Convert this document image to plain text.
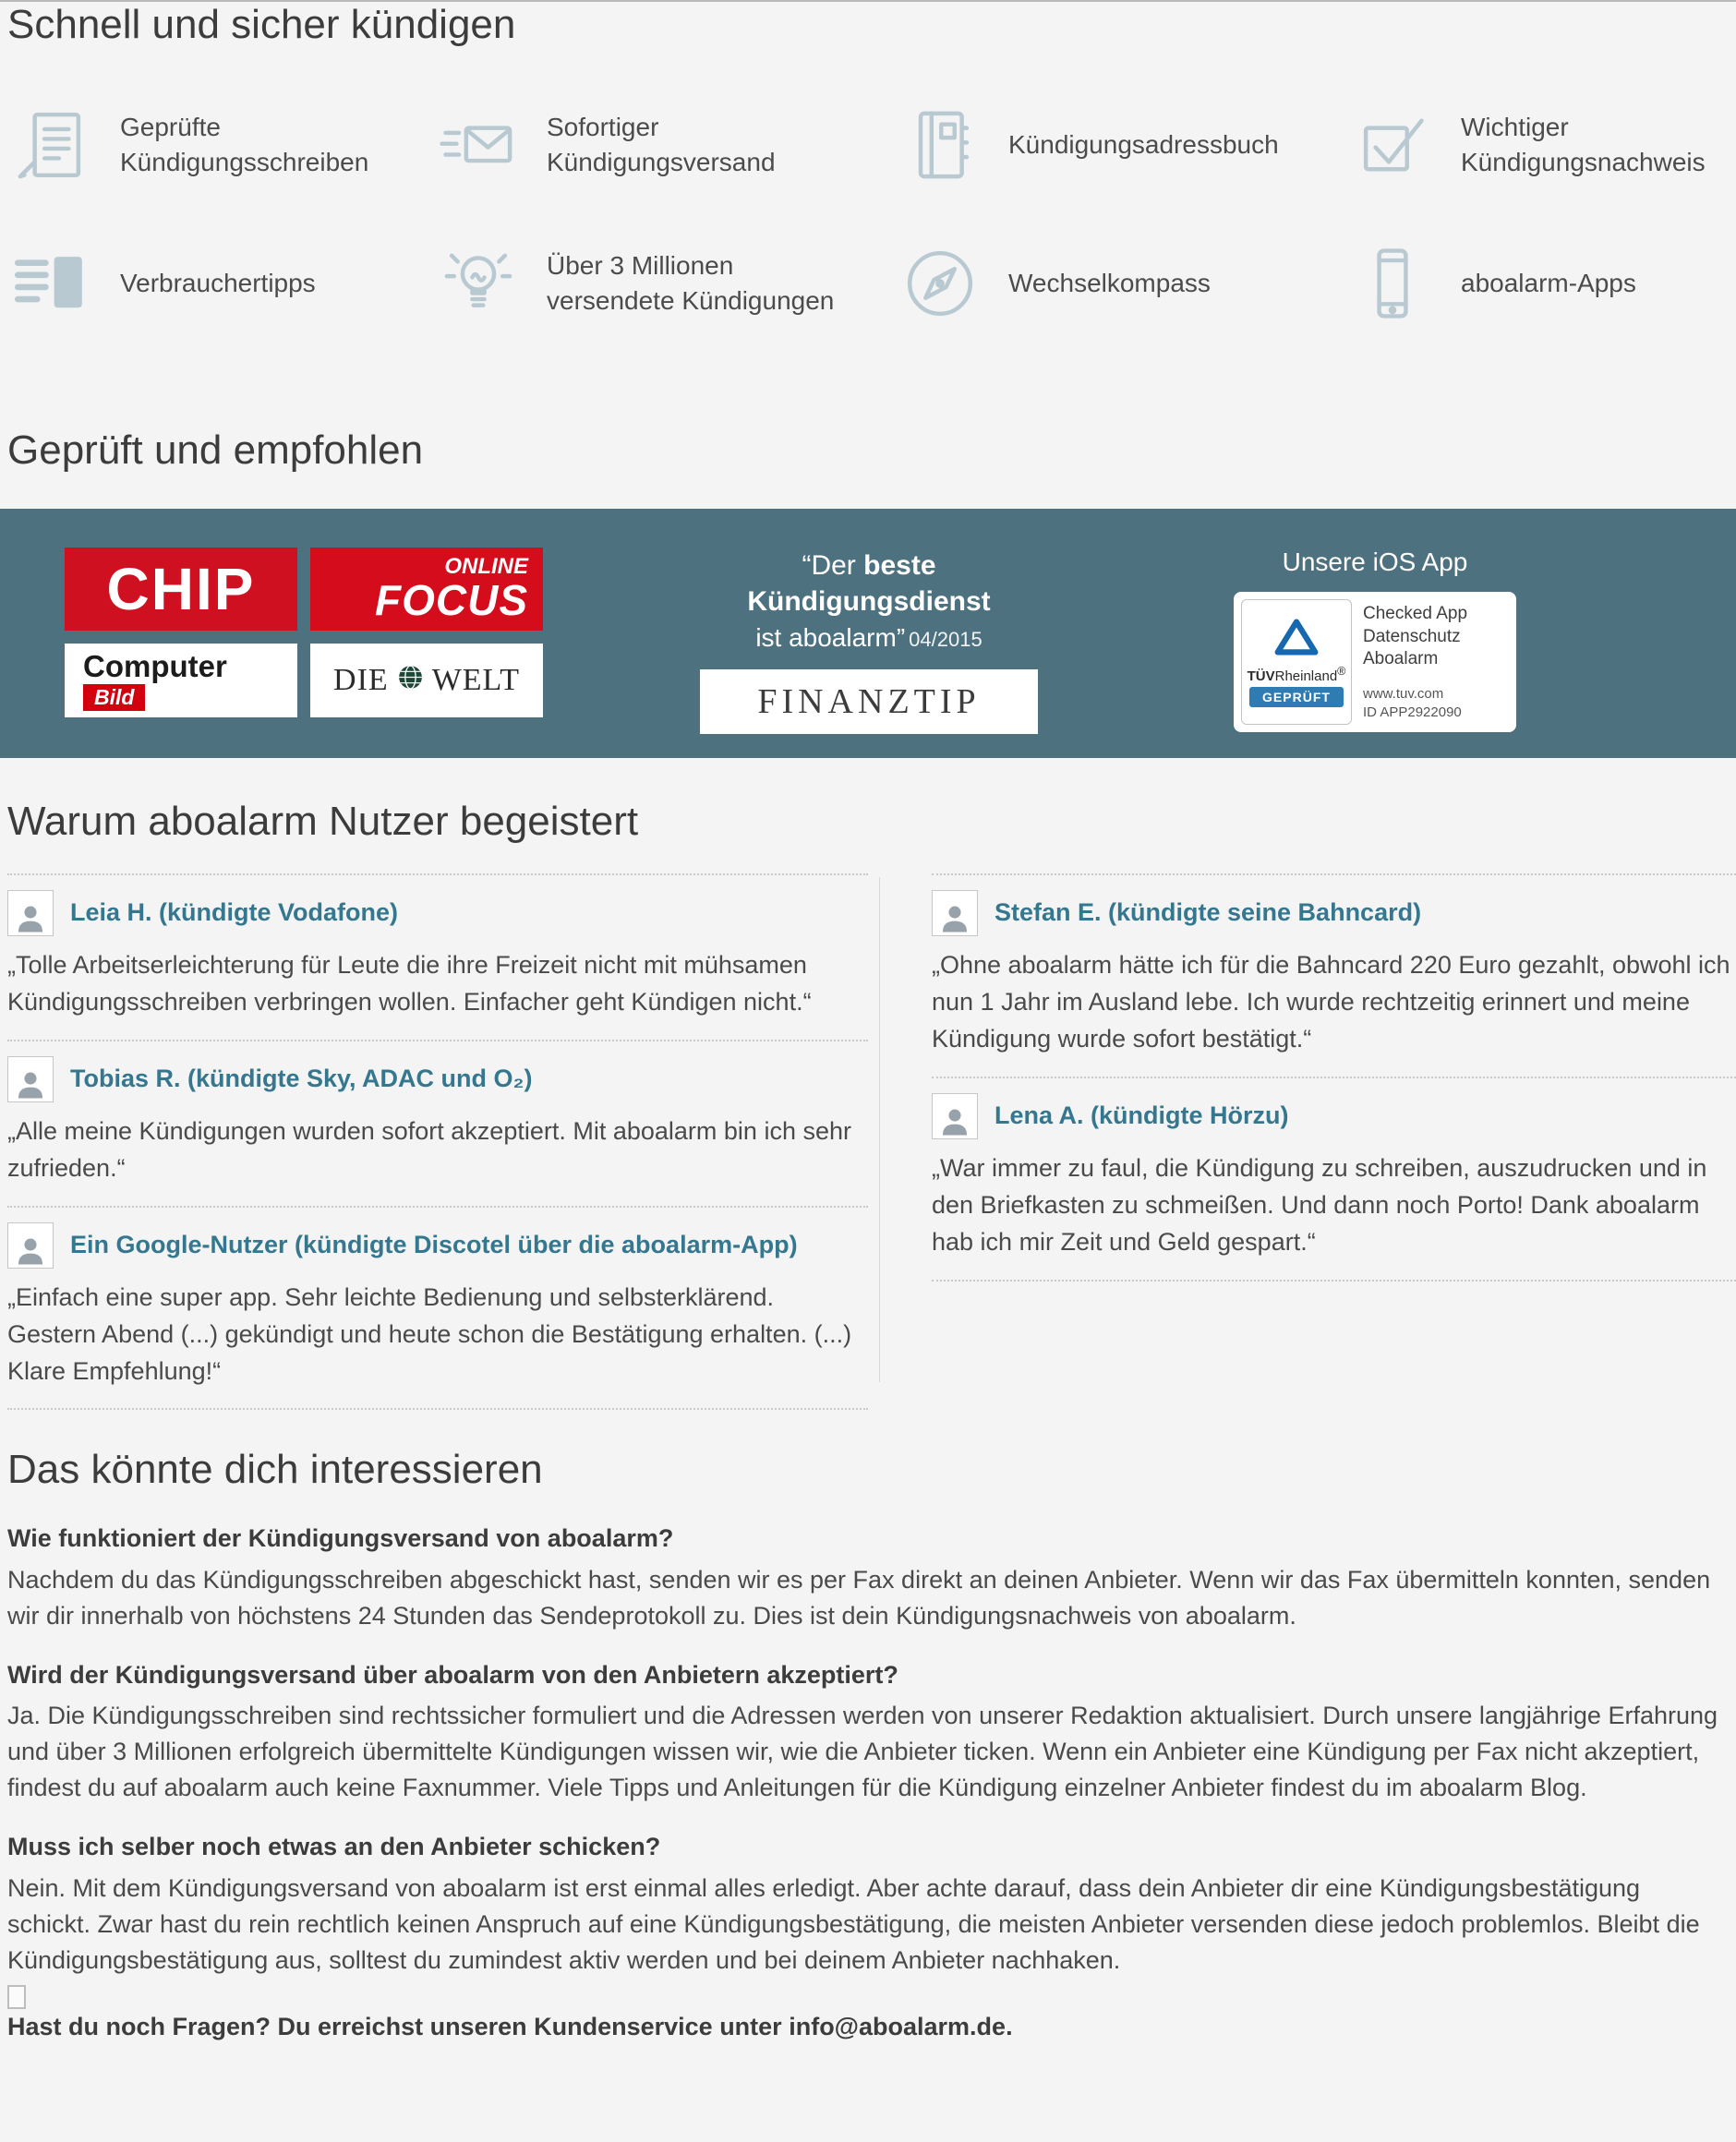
Schnell und sicher kündigen
Geprüfte Kündigungsschreiben
Sofortiger Kündigungsversand
Kündigungsadressbuch
Wichtiger Kündigungsnachweis
Verbrauchertipps
Über 3 Millionen versendete Kündigungen
Wechselkompass	aboalarm-Apps
Geprüft und empfohlen
CHIP	ONLINE
FOCUS
Computer
Bild	DIE WELT
“Der beste
Kündigungsdienst
ist aboalarm” 04/2015
FINANZTIP
Unsere iOS App
TÜVRheinland®
GEPRÜFT
Checked App
Datenschutz
Aboalarm
www.tuv.com
ID APP2922090
Warum aboalarm Nutzer begeistert
Leia H. (kündigte Vodafone)

„Tolle Arbeitserleichterung für Leute die ihre Freizeit nicht mit mühsamen Kündigungsschreiben verbringen wollen. Einfacher geht Kündigen nicht.“

Tobias R. (kündigte Sky, ADAC und O₂)

„Alle meine Kündigungen wurden sofort akzeptiert. Mit aboalarm bin ich sehr zufrieden.“

Ein Google-Nutzer (kündigte Discotel über die aboalarm-App)

„Einfach eine super app. Sehr leichte Bedienung und selbsterklärend. Gestern Abend (...) gekündigt und heute schon die Bestätigung erhalten. (...) Klare Empfehlung!“

Stefan E. (kündigte seine Bahncard)

„Ohne aboalarm hätte ich für die Bahncard 220 Euro gezahlt, obwohl ich nun 1 Jahr im Ausland lebe. Ich wurde rechtzeitig erinnert und meine Kündigung wurde sofort bestätigt.“

Lena A. (kündigte Hörzu)

„War immer zu faul, die Kündigung zu schreiben, auszudrucken und in den Briefkasten zu schmeißen. Und dann noch Porto! Dank aboalarm hab ich mir Zeit und Geld gespart.“

Das könnte dich interessieren
Wie funktioniert der Kündigungsversand von aboalarm?
Nachdem du das Kündigungsschreiben abgeschickt hast, senden wir es per Fax direkt an deinen Anbieter. Wenn wir das Fax übermitteln konnten, senden wir dir innerhalb von höchstens 24 Stunden das Sendeprotokoll zu. Dies ist dein Kündigungsnachweis von aboalarm.
Wird der Kündigungsversand über aboalarm von den Anbietern akzeptiert?
Ja. Die Kündigungsschreiben sind rechtssicher formuliert und die Adressen werden von unserer Redaktion aktualisiert. Durch unsere langjährige Erfahrung und über 3 Millionen erfolgreich übermittelte Kündigungen wissen wir, wie die Anbieter ticken. Wenn ein Anbieter eine Kündigung per Fax nicht akzeptiert, findest du auf aboalarm auch keine Faxnummer. Viele Tipps und Anleitungen für die Kündigung einzelner Anbieter findest du im aboalarm Blog.
Muss ich selber noch etwas an den Anbieter schicken?
Nein. Mit dem Kündigungsversand von aboalarm ist erst einmal alles erledigt. Aber achte darauf, dass dein Anbieter dir eine Kündigungsbestätigung schickt. Zwar hast du rein rechtlich keinen Anspruch auf eine Kündigungsbestätigung, die meisten Anbieter versenden diese jedoch problemlos. Bleibt die Kündigungsbestätigung aus, solltest du zumindest aktiv werden und bei deinem Anbieter nachhaken.
Hast du noch Fragen? Du erreichst unseren Kundenservice unter info@aboalarm.de.
